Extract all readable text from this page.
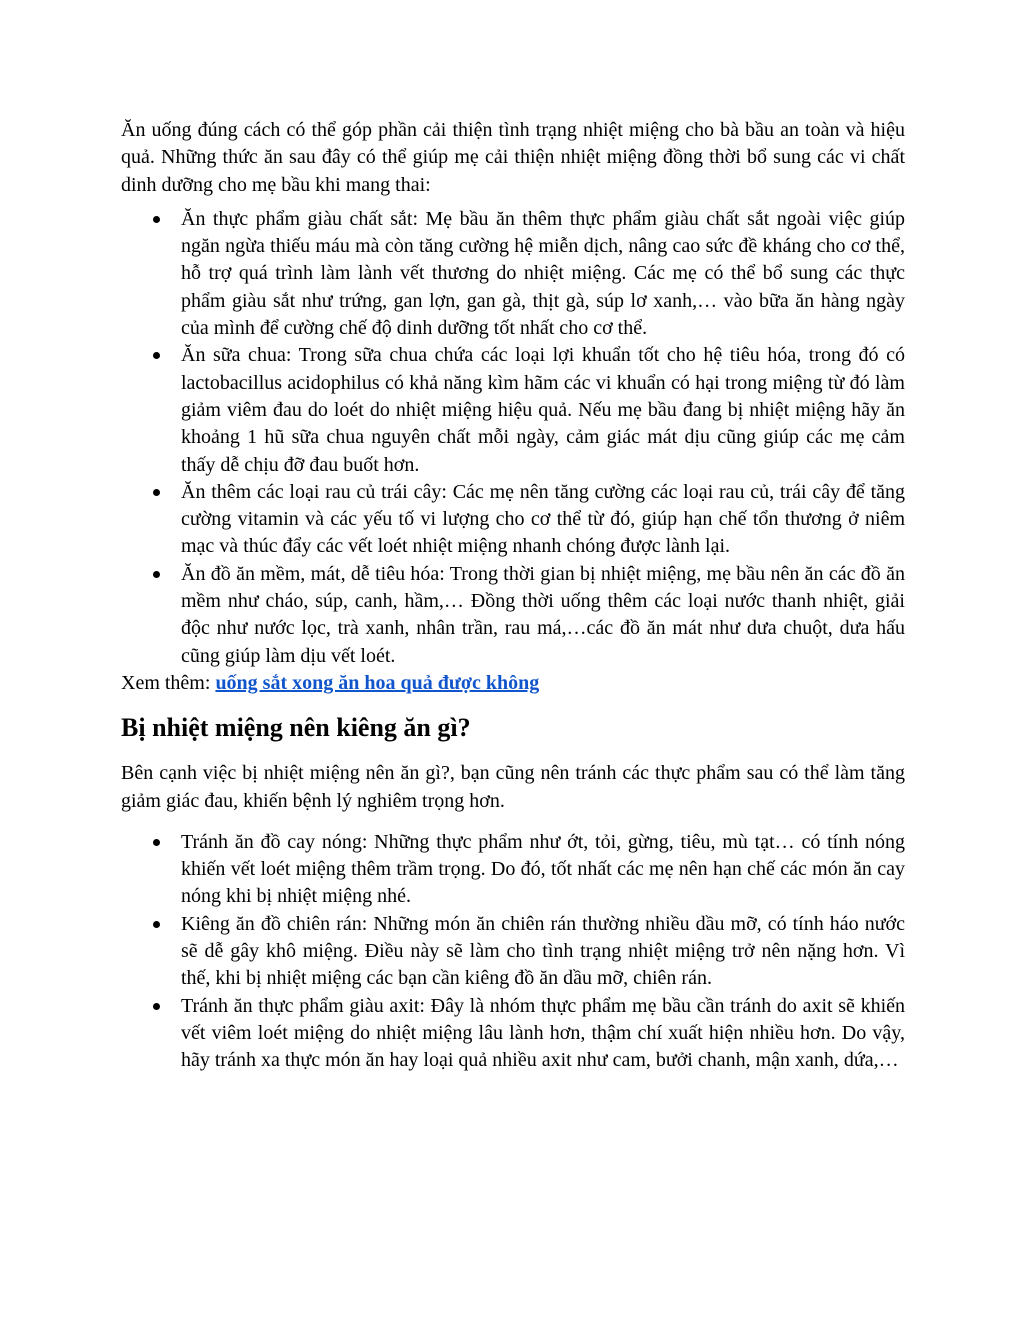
Ăn uống đúng cách có thể góp phần cải thiện tình trạng nhiệt miệng cho bà bầu an toàn và hiệu quả. Những thức ăn sau đây có thể giúp mẹ cải thiện nhiệt miệng đồng thời bổ sung các vi chất dinh dưỡng cho mẹ bầu khi mang thai:

Ăn thực phẩm giàu chất sắt: Mẹ bầu ăn thêm thực phẩm giàu chất sắt ngoài việc giúp ngăn ngừa thiếu máu mà còn tăng cường hệ miễn dịch, nâng cao sức đề kháng cho cơ thể, hỗ trợ quá trình làm lành vết thương do nhiệt miệng. Các mẹ có thể bổ sung các thực phẩm giàu sắt như trứng, gan lợn, gan gà, thịt gà, súp lơ xanh,… vào bữa ăn hàng ngày của mình để cường chế độ dinh dưỡng tốt nhất cho cơ thể.
Ăn sữa chua: Trong sữa chua chứa các loại lợi khuẩn tốt cho hệ tiêu hóa, trong đó có lactobacillus acidophilus có khả năng kìm hãm các vi khuẩn có hại trong miệng từ đó làm giảm viêm đau do loét do nhiệt miệng hiệu quả. Nếu mẹ bầu đang bị nhiệt miệng hãy ăn khoảng 1 hũ sữa chua nguyên chất mỗi ngày, cảm giác mát dịu cũng giúp các mẹ cảm thấy dễ chịu đỡ đau buốt hơn.
Ăn thêm các loại rau củ trái cây: Các mẹ nên tăng cường các loại rau củ, trái cây để tăng cường vitamin và các yếu tố vi lượng cho cơ thể từ đó, giúp hạn chế tổn thương ở niêm mạc và thúc đẩy các vết loét nhiệt miệng nhanh chóng được lành lại.
Ăn đồ ăn mềm, mát, dễ tiêu hóa: Trong thời gian bị nhiệt miệng, mẹ bầu nên ăn các đồ ăn mềm như cháo, súp, canh, hầm,… Đồng thời uống thêm các loại nước thanh nhiệt, giải độc như nước lọc, trà xanh, nhân trần, rau má,…các đồ ăn mát như dưa chuột, dưa hấu cũng giúp làm dịu vết loét.

Xem thêm: uống sắt xong ăn hoa quả được không

Bị nhiệt miệng nên kiêng ăn gì?

Bên cạnh việc bị nhiệt miệng nên ăn gì?, bạn cũng nên tránh các thực phẩm sau có thể làm tăng giảm giác đau, khiến bệnh lý nghiêm trọng hơn.

Tránh ăn đồ cay nóng: Những thực phẩm như ớt, tỏi, gừng, tiêu, mù tạt… có tính nóng khiến vết loét miệng thêm trầm trọng. Do đó, tốt nhất các mẹ nên hạn chế các món ăn cay nóng khi bị nhiệt miệng nhé.
Kiêng ăn đồ chiên rán: Những món ăn chiên rán thường nhiều dầu mỡ, có tính háo nước sẽ dễ gây khô miệng. Điều này sẽ làm cho tình trạng nhiệt miệng trở nên nặng hơn. Vì thế, khi bị nhiệt miệng các bạn cần kiêng đồ ăn dầu mỡ, chiên rán.
Tránh ăn thực phẩm giàu axit: Đây là nhóm thực phẩm mẹ bầu cần tránh do axit sẽ khiến vết viêm loét miệng do nhiệt miệng lâu lành hơn, thậm chí xuất hiện nhiều hơn. Do vậy, hãy tránh xa thực món ăn hay loại quả nhiều axit như cam, bưởi chanh, mận xanh, dứa,…
